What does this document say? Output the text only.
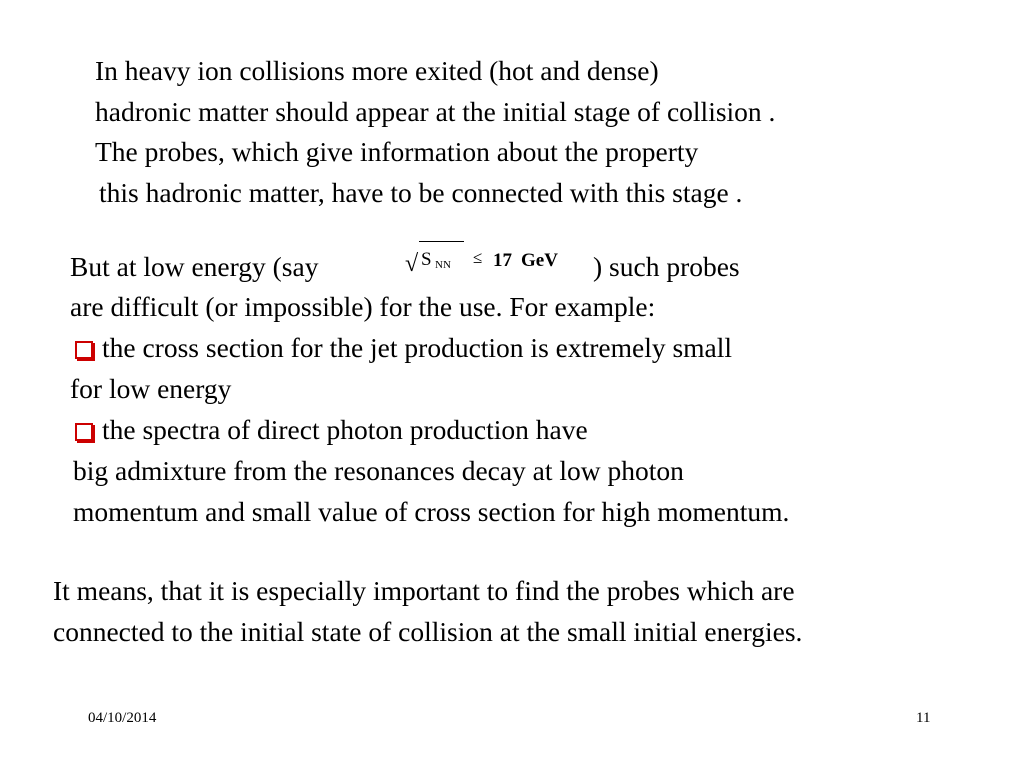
In heavy ion collisions more exited (hot and dense)
hadronic matter should appear at the initial stage of collision .
The probes, which give information about the property
this hadronic matter, have to be connected with this stage .
But at low energy (say	√ S NN ≤ 17 GeV ) such probes
are difficult (or impossible) for the use. For example:
the cross section for the jet production is extremely small
for low energy
the spectra of direct photon production have
big admixture from the resonances decay at low photon
momentum and small value of cross section for high momentum.
It means, that it is especially important to find the probes which are
connected to the initial state of collision at the small initial energies.
04/10/2014	11
